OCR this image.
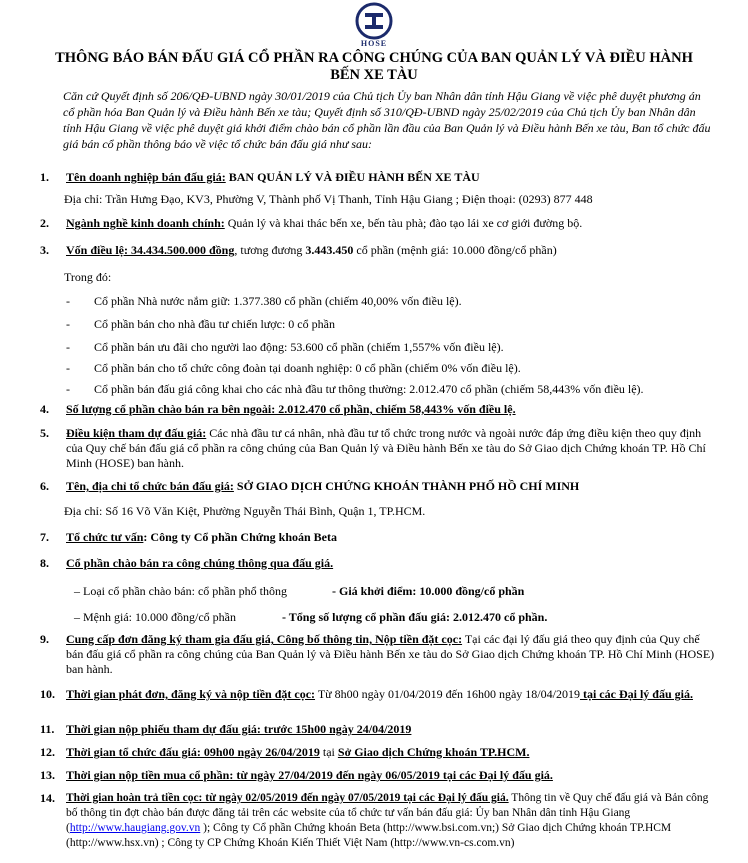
HOSE
THÔNG BÁO BÁN ĐẤU GIÁ CỔ PHẦN RA CÔNG CHÚNG CỦA BAN QUẢN LÝ VÀ ĐIỀU HÀNH BẾN XE TÀU
Căn cứ Quyết định số 206/QĐ-UBND ngày 30/01/2019 của Chủ tịch Ủy ban Nhân dân tỉnh Hậu Giang về việc phê duyệt phương án cổ phần hóa Ban Quản lý và Điều hành Bến xe tàu; Quyết định số 310/QĐ-UBND ngày 25/02/2019 của Chủ tịch Ủy ban Nhân dân tỉnh Hậu Giang về việc phê duyệt giá khởi điểm chào bán cổ phần lần đầu của Ban Quản lý và Điều hành Bến xe tàu, Ban tổ chức đấu giá bán cổ phần thông báo về việc tổ chức bán đấu giá như sau:
1. Tên doanh nghiệp bán đấu giá: BAN QUẢN LÝ VÀ ĐIỀU HÀNH BẾN XE TÀU
Địa chỉ: Trần Hưng Đạo, KV3, Phường V, Thành phố Vị Thanh, Tỉnh Hậu Giang ; Điện thoại: (0293) 877 448
2. Ngành nghề kinh doanh chính: Quản lý và khai thác bến xe, bến tàu phà; đào tạo lái xe cơ giới đường bộ.
3. Vốn điều lệ: 34.434.500.000 đồng, tương đương 3.443.450 cổ phần (mệnh giá: 10.000 đồng/cổ phần)
Trong đó:
- Cổ phần Nhà nước nắm giữ: 1.377.380 cổ phần (chiếm 40,00% vốn điều lệ).
- Cổ phần bán cho nhà đầu tư chiến lược: 0 cổ phần
- Cổ phần bán ưu đãi cho người lao động: 53.600 cổ phần (chiếm 1,557% vốn điều lệ).
- Cổ phần bán cho tổ chức công đoàn tại doanh nghiệp: 0 cổ phần (chiếm 0% vốn điều lệ).
- Cổ phần bán đấu giá công khai cho các nhà đầu tư thông thường: 2.012.470 cổ phần (chiếm 58,443% vốn điều lệ).
4. Số lượng cổ phần chào bán ra bên ngoài: 2.012.470 cổ phần, chiếm 58,443% vốn điều lệ.
5. Điều kiện tham dự đấu giá: Các nhà đầu tư cá nhân, nhà đầu tư tổ chức trong nước và ngoài nước đáp ứng điều kiện theo quy định của Quy chế bán đấu giá cổ phần ra công chúng của Ban Quản lý và Điều hành Bến xe tàu do Sở Giao dịch Chứng khoán TP. Hồ Chí Minh (HOSE) ban hành.
6. Tên, địa chỉ tổ chức bán đấu giá: SỞ GIAO DỊCH CHỨNG KHOÁN THÀNH PHỐ HỒ CHÍ MINH
Địa chỉ: Số 16 Võ Văn Kiệt, Phường Nguyễn Thái Bình, Quận 1, TP.HCM.
7. Tổ chức tư vấn: Công ty Cổ phần Chứng khoán Beta
8. Cổ phần chào bán ra công chúng thông qua đấu giá.
– Loại cổ phần chào bán: cổ phần phổ thông	- Giá khởi điểm: 10.000 đồng/cổ phần
– Mệnh giá: 10.000 đồng/cổ phần	- Tổng số lượng cổ phần đấu giá: 2.012.470 cổ phần.
9. Cung cấp đơn đăng ký tham gia đấu giá, Công bố thông tin, Nộp tiền đặt cọc: Tại các đại lý đấu giá theo quy định của Quy chế bán đấu giá cổ phần ra công chúng của Ban Quản lý và Điều hành Bến xe tàu do Sở Giao dịch Chứng khoán TP. Hồ Chí Minh (HOSE) ban hành.
10. Thời gian phát đơn, đăng ký và nộp tiền đặt cọc: Từ 8h00 ngày 01/04/2019 đến 16h00 ngày 18/04/2019 tại các Đại lý đấu giá.
11. Thời gian nộp phiếu tham dự đấu giá: trước 15h00 ngày 24/04/2019
12. Thời gian tổ chức đấu giá: 09h00 ngày 26/04/2019 tại Sở Giao dịch Chứng khoán TP.HCM.
13. Thời gian nộp tiền mua cổ phần: từ ngày 27/04/2019 đến ngày 06/05/2019 tại các Đại lý đấu giá.
14. Thời gian hoàn trả tiền cọc: từ ngày 02/05/2019 đến ngày 07/05/2019 tại các Đại lý đấu giá. Thông tin về Quy chế đấu giá và Bản công bố thông tin đợt chào bán được đăng tải trên các website của tổ chức tư vấn bán đấu giá: Ủy ban Nhân dân tỉnh Hậu Giang (http://www.haugiang.gov.vn ); Công ty Cổ phần Chứng khoán Beta (http://www.bsi.com.vn;) Sở Giao dịch Chứng khoán TP.HCM (http://www.hsx.vn) ; Công ty CP Chứng Khoán Kiến Thiết Việt Nam (http://www.vn-cs.com.vn)
